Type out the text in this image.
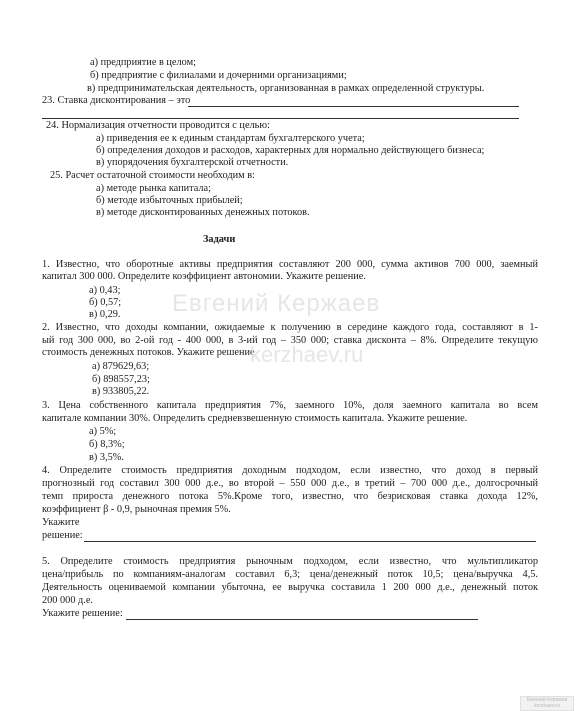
а) предприятие в целом;
б) предприятие с филиалами и дочерними организациями;
в) предпринимательская деятельность, организованная в рамках определенной структуры.
23. Ставка дисконтирования – это
24. Нормализация отчетности проводится с целью:
а) приведения ее к единым стандартам бухгалтерского учета;
б) определения доходов и расходов, характерных для нормально действующего бизнеса;
в) упорядочения бухгалтерской отчетности.
25. Расчет остаточной стоимости необходим в:
а) методе рынка капитала;
б) методе избыточных прибылей;
в) методе дисконтированных денежных потоков.
Задачи
1. Известно, что оборотные активы предприятия составляют 200 000, сумма активов 700 000, заемный
капитал 300 000. Определите коэффициент автономии. Укажите решение.
а) 0,43;
б) 0,57;
в) 0,29.
2. Известно, что доходы компании, ожидаемые к получению в середине каждого года, составляют в 1-
ый год 300 000, во 2-ой год - 400 000, в 3-ий год – 350 000; ставка дисконта – 8%. Определите текущую
стоимость денежных потоков. Укажите решение.
а) 879629,63;
б) 898557,23;
в) 933805,22.
3. Цена собственного капитала предприятия 7%, заемного 10%, доля заемного капитала во всем
капитале компании 30%. Определить средневзвешенную стоимость капитала. Укажите решение.
а) 5%;
б) 8,3%;
в) 3,5%.
4. Определите стоимость предприятия доходным подходом, если известно, что доход в первый
прогнозный год составил 300 000 д.е., во второй – 550 000 д.е., в третий – 700 000 д.е., долгосрочный
темп прироста денежного потока 5%.Кроме того, известно, что безрисковая ставка дохода 12%,
коэффициент β - 0,9, рыночная премия 5%.
Укажите
решение:
5. Определите стоимость предприятия рыночным подходом, если известно, что мультипликатор
цена/прибыль по компаниям-аналогам составил 6,3; цена/денежный поток 10,5; цена/выручка 4,5.
Деятельность оцениваемой компании убыточна, ее выручка составила 1 200 000 д.е., денежный поток
200 000 д.е.
Укажите решение:
Евгений Кержаев
kerzhaev.ru
Евгений Кержаев
kerzhaev.ru
